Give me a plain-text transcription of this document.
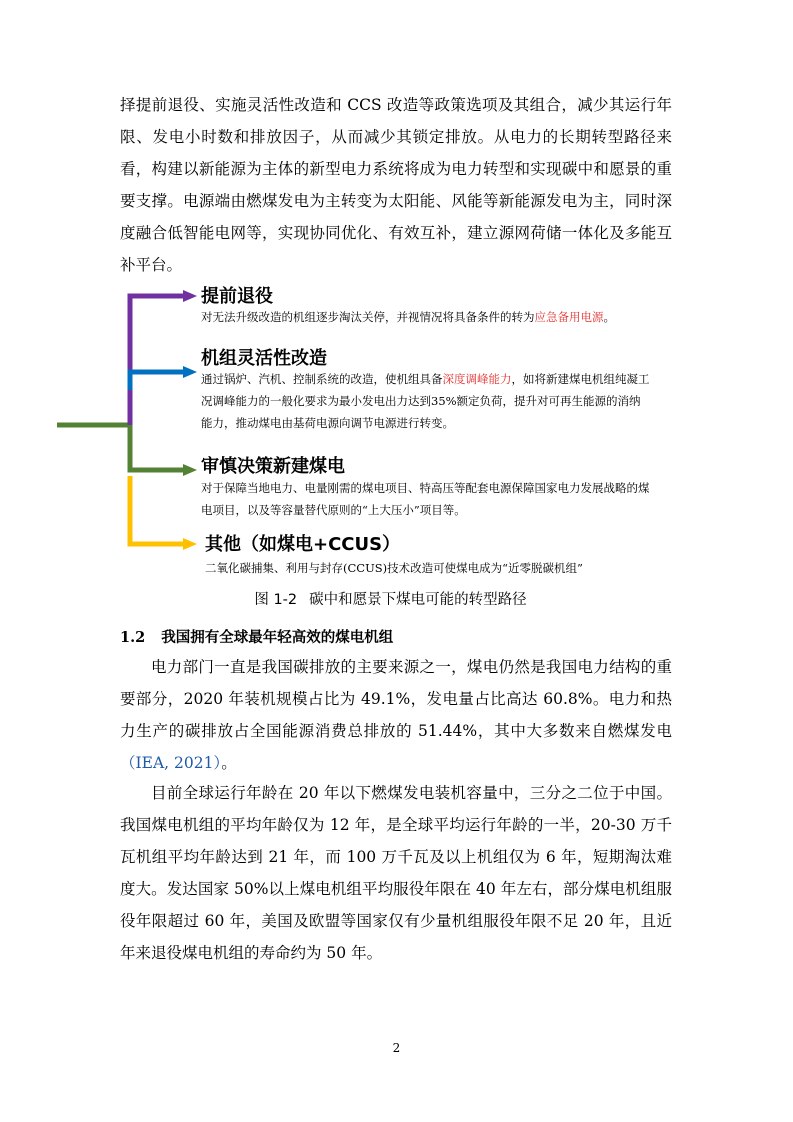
择提前退役、实施灵活性改造和 CCS 改造等政策选项及其组合，减少其运行年限、发电小时数和排放因子，从而减少其锁定排放。从电力的长期转型路径来看，构建以新能源为主体的新型电力系统将成为电力转型和实现碳中和愿景的重要支撑。电源端由燃煤发电为主转变为太阳能、风能等新能源发电为主，同时深度融合低智能电网等，实现协同优化、有效互补，建立源网荷储一体化及多能互补平台。

提前退役
对无法升级改造的机组逐步淘汰关停，并视情况将具备条件的转为应急备用电源。
机组灵活性改造
通过锅炉、汽机、控制系统的改造，使机组具备深度调峰能力，如将新建煤电机组纯凝工况调峰能力的一般化要求为最小发电出力达到35%额定负荷，提升对可再生能源的消纳能力，推动煤电由基荷电源向调节电源进行转变。
审慎决策新建煤电
对于保障当地电力、电量刚需的煤电项目、特高压等配套电源保障国家电力发展战略的煤电项目，以及等容量替代原则的“上大压小”项目等。
其他（如煤电+CCUS）
二氧化碳捕集、利用与封存(CCUS)技术改造可使煤电成为“近零脱碳机组”
图 1-2 碳中和愿景下煤电可能的转型路径
1.2 我国拥有全球最年轻高效的煤电机组

电力部门一直是我国碳排放的主要来源之一，煤电仍然是我国电力结构的重要部分，2020 年装机规模占比为 49.1%，发电量占比高达 60.8%。电力和热力生产的碳排放占全国能源消费总排放的 51.44%，其中大多数来自燃煤发电（IEA, 2021）。

目前全球运行年龄在 20 年以下燃煤发电装机容量中，三分之二位于中国。我国煤电机组的平均年龄仅为 12 年，是全球平均运行年龄的一半，20-30 万千瓦机组平均年龄达到 21 年，而 100 万千瓦及以上机组仅为 6 年，短期淘汰难度大。发达国家 50%以上煤电机组平均服役年限在 40 年左右，部分煤电机组服役年限超过 60 年，美国及欧盟等国家仅有少量机组服役年限不足 20 年，且近年来退役煤电机组的寿命约为 50 年。

2
